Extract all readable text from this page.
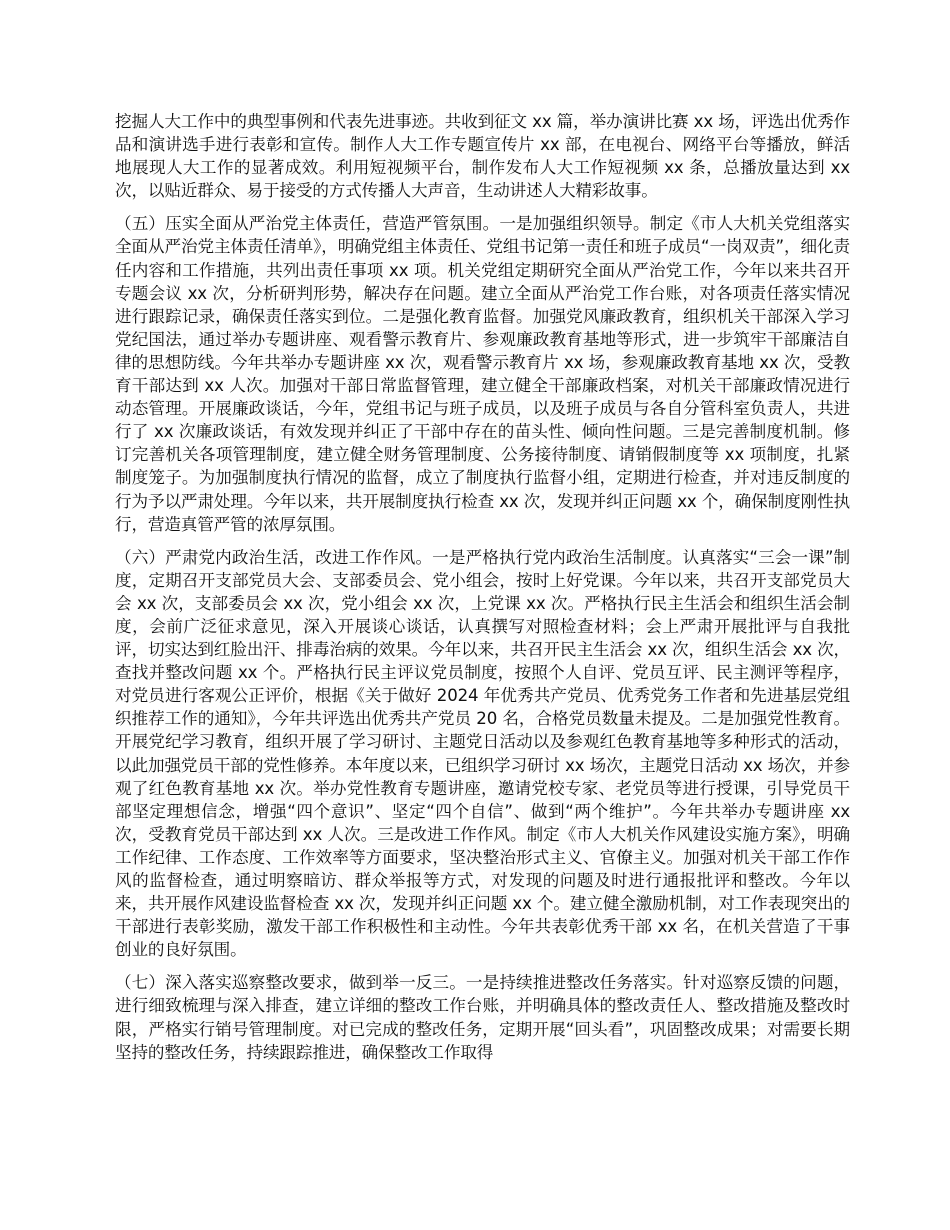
挖掘人大工作中的典型事例和代表先进事迹。共收到征文 xx 篇，举办演讲比赛 xx 场，评选出优秀作品和演讲选手进行表彰和宣传。制作人大工作专题宣传片 xx 部，在电视台、网络平台等播放，鲜活地展现人大工作的显著成效。利用短视频平台，制作发布人大工作短视频 xx 条，总播放量达到 xx 次，以贴近群众、易于接受的方式传播人大声音，生动讲述人大精彩故事。

（五）压实全面从严治党主体责任，营造严管氛围。一是加强组织领导。制定《市人大机关党组落实全面从严治党主体责任清单》，明确党组主体责任、党组书记第一责任和班子成员“一岗双责”，细化责任内容和工作措施，共列出责任事项 xx 项。机关党组定期研究全面从严治党工作，今年以来共召开专题会议 xx 次，分析研判形势，解决存在问题。建立全面从严治党工作台账，对各项责任落实情况进行跟踪记录，确保责任落实到位。二是强化教育监督。加强党风廉政教育，组织机关干部深入学习党纪国法，通过举办专题讲座、观看警示教育片、参观廉政教育基地等形式，进一步筑牢干部廉洁自律的思想防线。今年共举办专题讲座 xx 次，观看警示教育片 xx 场，参观廉政教育基地 xx 次，受教育干部达到 xx 人次。加强对干部日常监督管理，建立健全干部廉政档案，对机关干部廉政情况进行动态管理。开展廉政谈话，今年，党组书记与班子成员，以及班子成员与各自分管科室负责人，共进行了 xx 次廉政谈话，有效发现并纠正了干部中存在的苗头性、倾向性问题。三是完善制度机制。修订完善机关各项管理制度，建立健全财务管理制度、公务接待制度、请销假制度等 xx 项制度，扎紧制度笼子。为加强制度执行情况的监督，成立了制度执行监督小组，定期进行检查，并对违反制度的行为予以严肃处理。今年以来，共开展制度执行检查 xx 次，发现并纠正问题 xx 个，确保制度刚性执行，营造真管严管的浓厚氛围。

（六）严肃党内政治生活，改进工作作风。一是严格执行党内政治生活制度。认真落实“三会一课”制度，定期召开支部党员大会、支部委员会、党小组会，按时上好党课。今年以来，共召开支部党员大会 xx 次，支部委员会 xx 次，党小组会 xx 次，上党课 xx 次。严格执行民主生活会和组织生活会制度，会前广泛征求意见，深入开展谈心谈话，认真撰写对照检查材料；会上严肃开展批评与自我批评，切实达到红脸出汗、排毒治病的效果。今年以来，共召开民主生活会 xx 次，组织生活会 xx 次，查找并整改问题 xx 个。严格执行民主评议党员制度，按照个人自评、党员互评、民主测评等程序，对党员进行客观公正评价，根据《关于做好 2024 年优秀共产党员、优秀党务工作者和先进基层党组织推荐工作的通知》，今年共评选出优秀共产党员 20 名，合格党员数量未提及。二是加强党性教育。开展党纪学习教育，组织开展了学习研讨、主题党日活动以及参观红色教育基地等多种形式的活动，以此加强党员干部的党性修养。本年度以来，已组织学习研讨 xx 场次，主题党日活动 xx 场次，并参观了红色教育基地 xx 次。举办党性教育专题讲座，邀请党校专家、老党员等进行授课，引导党员干部坚定理想信念，增强“四个意识”、坚定“四个自信”、做到“两个维护”。今年共举办专题讲座 xx 次，受教育党员干部达到 xx 人次。三是改进工作作风。制定《市人大机关作风建设实施方案》，明确工作纪律、工作态度、工作效率等方面要求，坚决整治形式主义、官僚主义。加强对机关干部工作作风的监督检查，通过明察暗访、群众举报等方式，对发现的问题及时进行通报批评和整改。今年以来，共开展作风建设监督检查 xx 次，发现并纠正问题 xx 个。建立健全激励机制，对工作表现突出的干部进行表彰奖励，激发干部工作积极性和主动性。今年共表彰优秀干部 xx 名，在机关营造了干事创业的良好氛围。

（七）深入落实巡察整改要求，做到举一反三。一是持续推进整改任务落实。针对巡察反馈的问题，进行细致梳理与深入排查，建立详细的整改工作台账，并明确具体的整改责任人、整改措施及整改时限，严格实行销号管理制度。对已完成的整改任务，定期开展“回头看”，巩固整改成果；对需要长期坚持的整改任务，持续跟踪推进，确保整改工作取得
